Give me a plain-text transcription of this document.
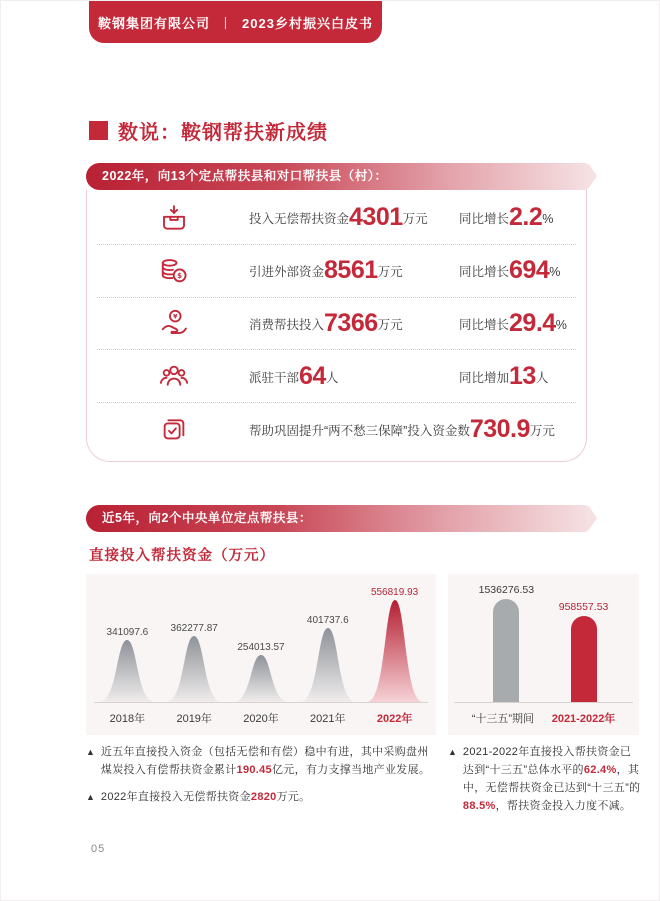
鞍钢集团有限公司 丨 2023乡村振兴白皮书
数说：鞍钢帮扶新成绩
2022年，向13个定点帮扶县和对口帮扶县（村）：
投入无偿帮扶资金4301万元	同比增长2.2%
$	引进外部资金8561万元	同比增长694%
¥
消费帮扶投入7366万元	同比增长29.4%
派驻干部64人	同比增加13人
帮助巩固提升“两不愁三保障”投入资金数730.9万元
近5年，向2个中央单位定点帮扶县：
直接投入帮扶资金（万元）
341097.6 362277.87
254013.57
401737.6
556819.93
2018年	2019年	2020年	2021年	2022年
1536276.53
958557.53
“十三五”期间 2021-2022年
▲ 近五年直接投入资金（包括无偿和有偿）稳中有进，其中采购盘州煤炭投入有偿帮扶资金累计190.45亿元，有力支撑当地产业发展。
▲ 2022年直接投入无偿帮扶资金2820万元。
▲ 2021-2022年直接投入帮扶资金已达到“十三五”总体水平的62.4%，其中，无偿帮扶资金已达到“十三五”的88.5%，帮扶资金投入力度不减。
05
